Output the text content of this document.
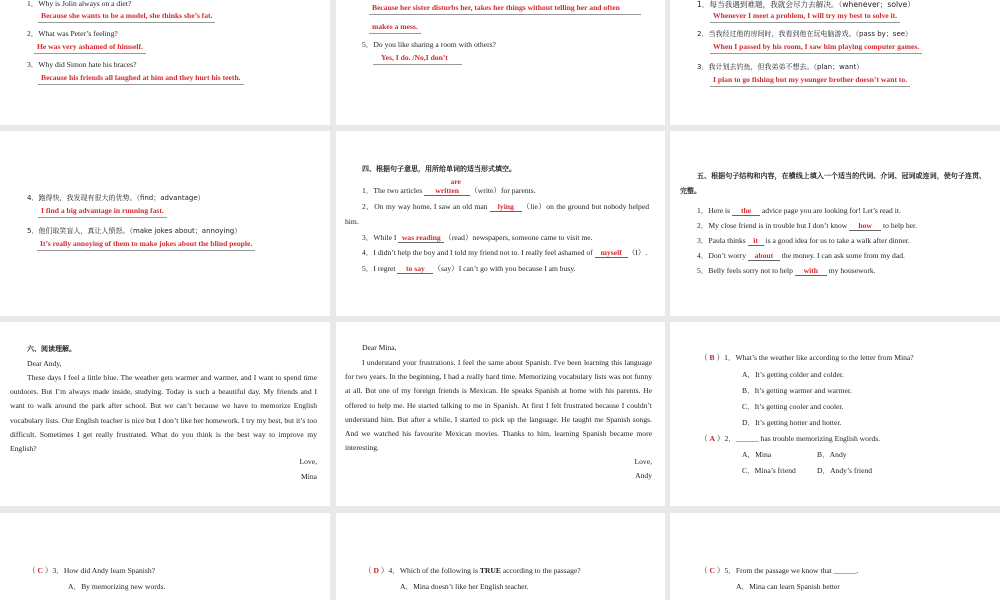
1．Why is Jolin always on a diet?
Because she wants to be a model, she thinks she’s fat.
2．What was Peter’s feeling?
He was very ashamed of himself.
3．Why did Simon hate his braces?
Because his friends all laughed at him and they hurt his teeth.
Because her sister disturbs her, takes her things without telling her and often
makes a mess.
5．Do you like sharing a room with others?
Yes, I do. /No,I don’t
1．每当我遇到难题，我就会尽力去解决。（whenever；solve）
Whenever I meet a problem, I will try my best to solve it.
2．当我经过他的房间时，我看到他在玩电脑游戏。（pass by；see）
When I passed by his room, I saw him playing computer games.
3．我计划去钓鱼，但我弟弟不想去。（plan；want）
I plan to go fishing but my younger brother doesn’t want to.
4．跑得快，我发现有很大的优势。（find；advantage）
I find a big advantage in running fast.
5．他们取笑盲人，真让人愤怒。（make jokes about；annoying）
It’s really annoying of them to make jokes about the blind people.
四、根据句子意思，用所给单词的适当形式填空。
1．The two articles are written （write）for parents.
2．On my way home, I saw an old man lying （lie）on the ground but nobody helped him.
3．While I was reading （read）newspapers, someone came to visit me.
4．I didn’t help the boy and I told my friend not to. I really feel ashamed of myself （I）.
5．I regret to say （say）I can’t go with you because I am busy.
五、根据句子结构和内容，在横线上填入一个适当的代词、介词、冠词或连词，使句子连贯、完整。
1．Here is the advice page you are looking for! Let’s read it.
2．My close friend is in trouble but I don’t know how to help her.
3．Paula thinks it is a good idea for us to take a walk after dinner.
4．Don’t worry about the money. I can ask some from my dad.
5．Belly feels sorry not to help with my housework.
六、阅读理解。
Dear Andy,
These days I feel a little blue. The weather gets warmer and warmer, and I want to spend time outdoors. But I’m always made inside, studying. Today is such a beautiful day. My friends and I want to walk around the park after school. But we can’t because we have to memorize English vocabulary lists. Our English teacher is nice but I don’t like her homework. I try my best, but it’s too difficult. Sometimes I get really frustrated. What do you think is the best way to improve my English?
Love,
Mina
Dear Mina,
I understand your frustrations. I feel the same about Spanish. I've been learning this language for two years. In the beginning, I had a really hard time. Memorizing vocabulary lists was not funny at all. But one of my foreign friends is Mexican. He speaks Spanish at home with his parents. He offered to help me. He started talking to me in Spanish. At first I felt frustrated because I couldn’t understand him. But after a while, I started to pick up the language. He taught me Spanish songs. And we watched his favourite Mexican movies. Thanks to him, learning Spanish became more interesting.
Love,
Andy
（ B ）1．What’s the weather like according to the letter from Mina?
A．It’s getting colder and colder.
B．It’s getting warmer and warmer.
C．It’s getting cooler and cooler.
D．It’s getting hotter and hotter.
（ A ）2．______ has trouble memorizing English words.
A．Mina	B．Andy
C．Mina’s friend	D．Andy’s friend
（ C ）3．How did Andy learn Spanish?
A．By memorizing new words.
（ D ）4．Which of the following is TRUE according to the passage?
A．Mina doesn’t like her English teacher.
（ C ）5．From the passage we know that ______.
A．Mina can learn Spanish better
